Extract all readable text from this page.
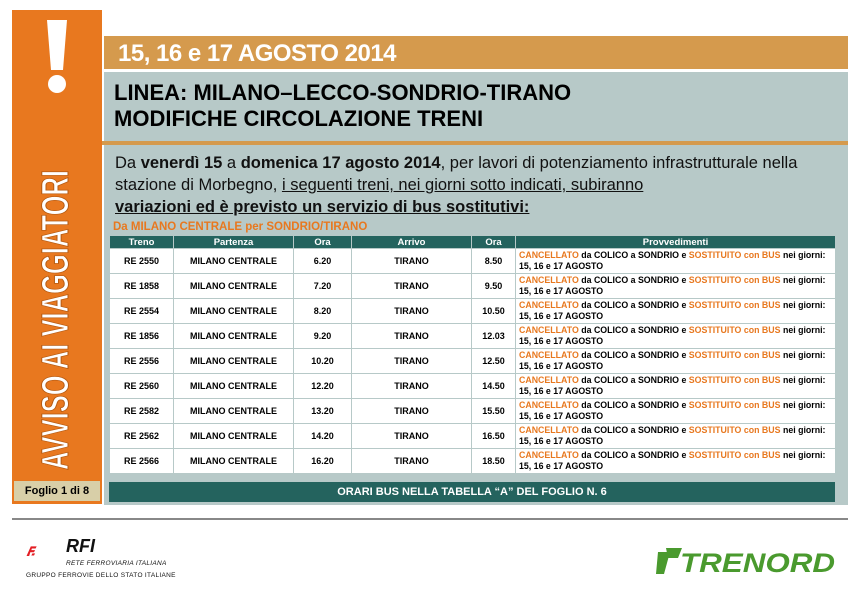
AVVISO AI VIAGGIATORI
Foglio 1 di 8
15, 16 e 17 AGOSTO 2014
LINEA: MILANO–LECCO-SONDRIO-TIRANO
MODIFICHE CIRCOLAZIONE TRENI
Da venerdì 15 a domenica 17 agosto 2014, per lavori di potenziamento infrastrutturale nella stazione di Morbegno, i seguenti treni, nei giorni sotto indicati, subiranno
variazioni ed è previsto un servizio di bus sostitutivi:
Da MILANO CENTRALE per SONDRIO/TIRANO
Treno	Partenza	Ora	Arrivo	Ora	Provvedimenti
RE 2550	MILANO CENTRALE	6.20	TIRANO	8.50	CANCELLATO da COLICO a SONDRIO e SOSTITUITO con BUS nei giorni: 15, 16 e 17 AGOSTO
RE 1858	MILANO CENTRALE	7.20	TIRANO	9.50	CANCELLATO da COLICO a SONDRIO e SOSTITUITO con BUS nei giorni: 15, 16 e 17 AGOSTO
RE 2554	MILANO CENTRALE	8.20	TIRANO	10.50	CANCELLATO da COLICO a SONDRIO e SOSTITUITO con BUS nei giorni: 15, 16 e 17 AGOSTO
RE 1856	MILANO CENTRALE	9.20	TIRANO	12.03	CANCELLATO da COLICO a SONDRIO e SOSTITUITO con BUS nei giorni: 15, 16 e 17 AGOSTO
RE 2556	MILANO CENTRALE	10.20	TIRANO	12.50	CANCELLATO da COLICO a SONDRIO e SOSTITUITO con BUS nei giorni: 15, 16 e 17 AGOSTO
RE 2560	MILANO CENTRALE	12.20	TIRANO	14.50	CANCELLATO da COLICO a SONDRIO e SOSTITUITO con BUS nei giorni: 15, 16 e 17 AGOSTO
RE 2582	MILANO CENTRALE	13.20	TIRANO	15.50	CANCELLATO da COLICO a SONDRIO e SOSTITUITO con BUS nei giorni: 15, 16 e 17 AGOSTO
RE 2562	MILANO CENTRALE	14.20	TIRANO	16.50	CANCELLATO da COLICO a SONDRIO e SOSTITUITO con BUS nei giorni: 15, 16 e 17 AGOSTO
RE 2566	MILANO CENTRALE	16.20	TIRANO	18.50	CANCELLATO da COLICO a SONDRIO e SOSTITUITO con BUS nei giorni: 15, 16 e 17 AGOSTO
ORARI BUS NELLA TABELLA “A” DEL FOGLIO N. 6
RFI
RETE FERROVIARIA ITALIANA
GRUPPO FERROVIE DELLO STATO ITALIANE	TRENORD
